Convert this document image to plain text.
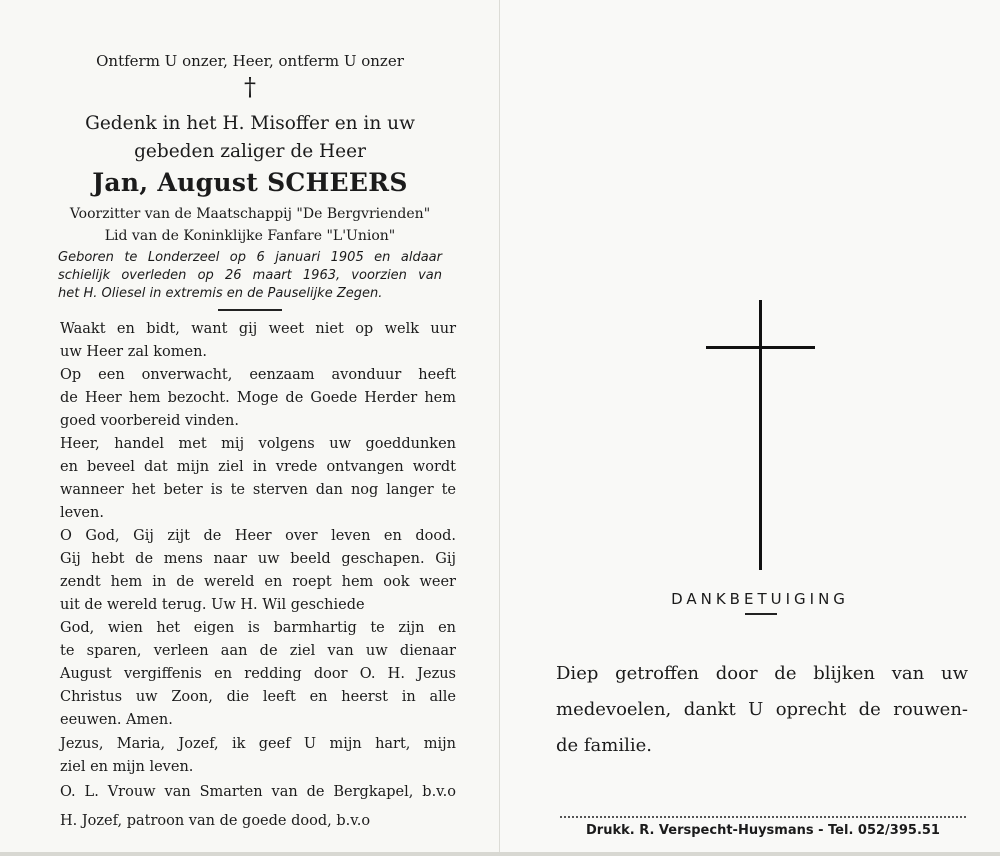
Ontferm U onzer, Heer, ontferm U onzer
†
Gedenk in het H. Misoffer en in uw
gebeden zaliger de Heer
Jan, August SCHEERS
Voorzitter van de Maatschappij "De Bergvrienden"
Lid van de Koninklijke Fanfare "L'Union"
Geboren te Londerzeel op 6 januari 1905 en aldaar
schielijk overleden op 26 maart 1963, voorzien van
het H. Oliesel in extremis en de Pauselijke Zegen.
Waakt en bidt, want gij weet niet op welk uur
uw Heer zal komen.
Op een onverwacht, eenzaam avonduur heeft
de Heer hem bezocht. Moge de Goede Herder hem
goed voorbereid vinden.
Heer, handel met mij volgens uw goeddunken
en beveel dat mijn ziel in vrede ontvangen wordt
wanneer het beter is te sterven dan nog langer te
leven.
O God, Gij zijt de Heer over leven en dood.
Gij hebt de mens naar uw beeld geschapen. Gij
zendt hem in de wereld en roept hem ook weer
uit de wereld terug. Uw H. Wil geschiede
God, wien het eigen is barmhartig te zijn en
te sparen, verleen aan de ziel van uw dienaar
August vergiffenis en redding door O. H. Jezus
Christus uw Zoon, die leeft en heerst in alle
eeuwen. Amen.
Jezus, Maria, Jozef, ik geef U mijn hart, mijn
ziel en mijn leven.
O. L. Vrouw van Smarten van de Bergkapel, b.v.o
H. Jozef, patroon van de goede dood, b.v.o
DANKBETUIGING
Diep getroffen door de blijken van uw
medevoelen, dankt U oprecht de rouwen-
de familie.
Drukk. R. Verspecht-Huysmans - Tel. 052/395.51
